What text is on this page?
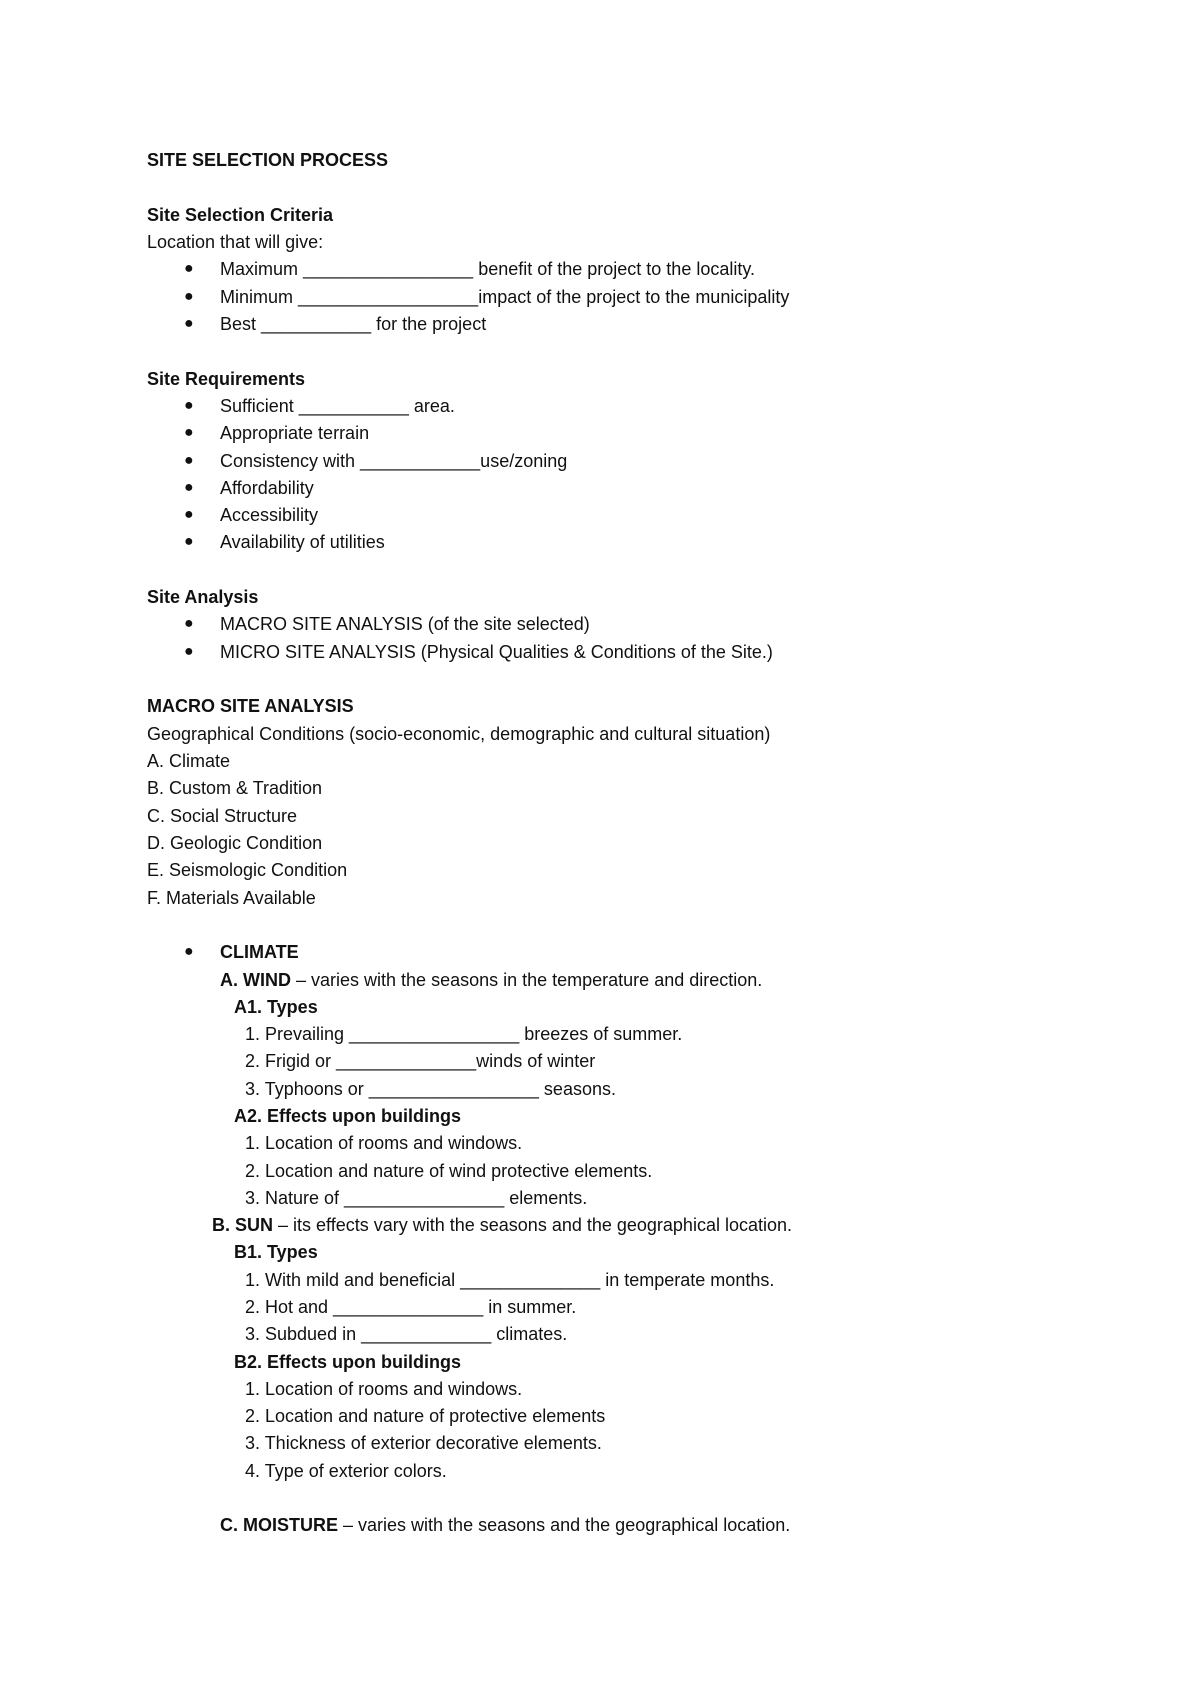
SITE SELECTION PROCESS
Site Selection Criteria
Location that will give:
● Maximum _________________ benefit of the project to the locality.
● Minimum __________________impact of the project to the municipality
● Best ___________ for the project
Site Requirements
● Sufficient ___________ area.
● Appropriate terrain
● Consistency with ____________use/zoning
● Affordability
● Accessibility
● Availability of utilities
Site Analysis
● MACRO SITE ANALYSIS (of the site selected)
● MICRO SITE ANALYSIS (Physical Qualities & Conditions of the Site.)
MACRO SITE ANALYSIS
Geographical Conditions (socio-economic, demographic and cultural situation)
A. Climate
B. Custom & Tradition
C. Social Structure
D. Geologic Condition
E. Seismologic Condition
F. Materials Available
● CLIMATE
A. WIND – varies with the seasons in the temperature and direction.
A1. Types
1. Prevailing _________________ breezes of summer.
2. Frigid or ______________winds of winter
3. Typhoons or _________________ seasons.
A2. Effects upon buildings
1. Location of rooms and windows.
2. Location and nature of wind protective elements.
3. Nature of ________________ elements.
B. SUN – its effects vary with the seasons and the geographical location.
B1. Types
1. With mild and beneficial ______________ in temperate months.
2. Hot and _______________ in summer.
3. Subdued in _____________ climates.
B2. Effects upon buildings
1. Location of rooms and windows.
2. Location and nature of protective elements
3. Thickness of exterior decorative elements.
4. Type of exterior colors.
C. MOISTURE – varies with the seasons and the geographical location.
